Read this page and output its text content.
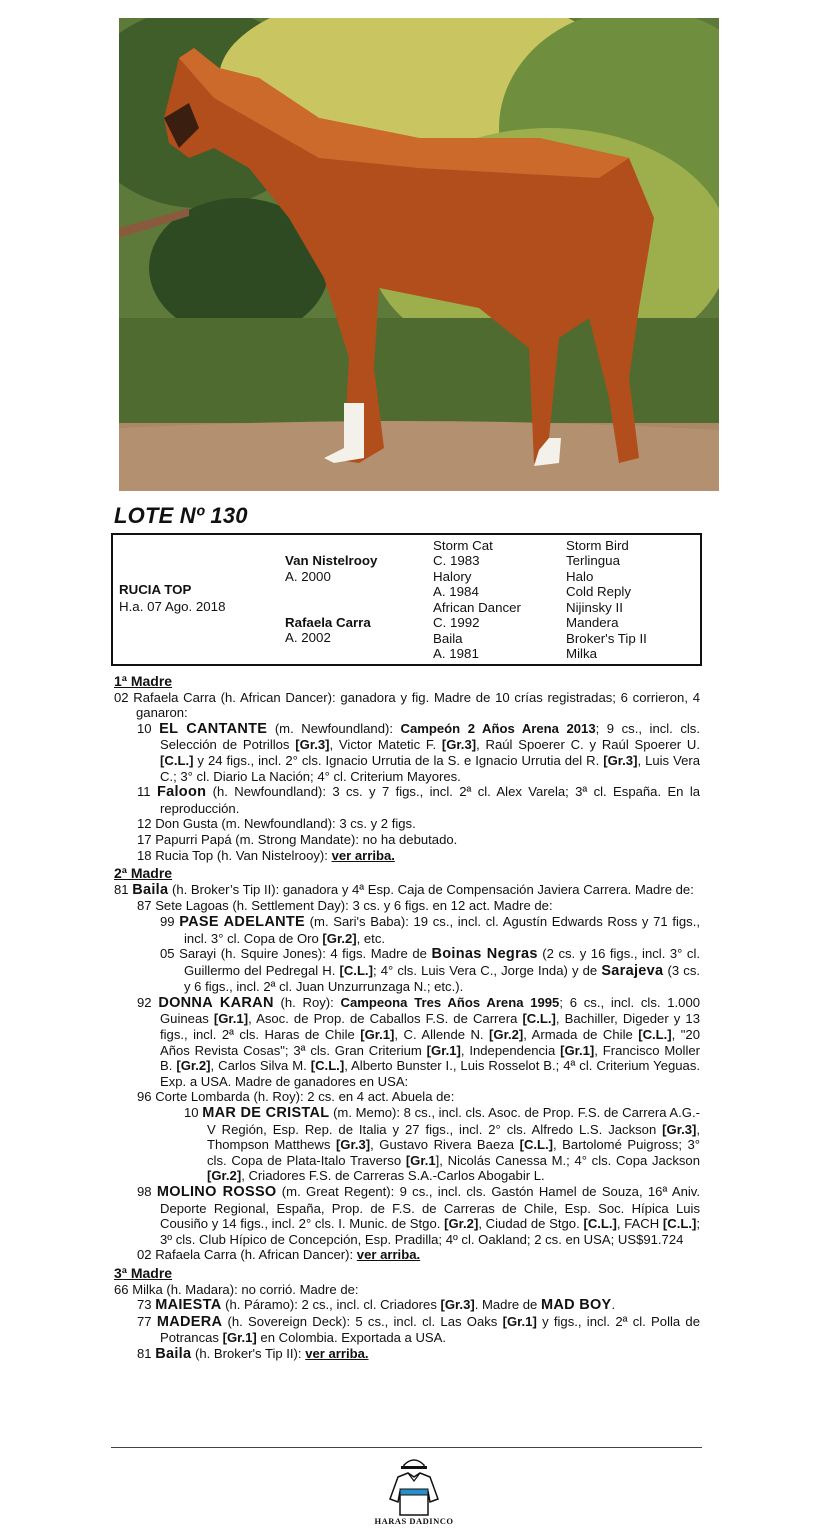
LOTE Nº 130
RUCIA TOP
H.a. 07 Ago. 2018
Van Nistelrooy
A. 2000
Rafaela Carra
A. 2002
Storm Cat
C. 1983
Halory
A. 1984
African Dancer
C. 1992
Baila
A. 1981
Storm Bird
Terlingua
Halo
Cold Reply
Nijinsky II
Mandera
Broker's Tip II
Milka
1ª Madre
02 Rafaela Carra (h. African Dancer): ganadora y fig. Madre de 10 crías registradas; 6 corrieron, 4 ganaron:
10 EL CANTANTE (m. Newfoundland): Campeón 2 Años Arena 2013; 9 cs., incl. cls. Selección de Potrillos [Gr.3], Victor Matetic F. [Gr.3], Raúl Spoerer C. y Raúl Spoerer U. [C.L.] y 24 figs., incl. 2° cls. Ignacio Urrutia de la S. e Ignacio Urrutia del R. [Gr.3], Luis Vera C.; 3° cl. Diario La Nación; 4° cl. Criterium Mayores.
11 Faloon (h. Newfoundland): 3 cs. y 7 figs., incl. 2ª cl. Alex Varela; 3ª cl. España. En la reproducción.
12 Don Gusta (m. Newfoundland): 3 cs. y 2 figs.
17 Papurri Papá (m. Strong Mandate): no ha debutado.
18 Rucia Top (h. Van Nistelrooy): ver arriba.
2ª Madre
81 Baila (h. Broker’s Tip II): ganadora y 4ª Esp. Caja de Compensación Javiera Carrera. Madre de:
87 Sete Lagoas (h. Settlement Day): 3 cs. y 6 figs. en 12 act. Madre de:
99 PASE ADELANTE (m. Sari's Baba): 19 cs., incl. cl. Agustín Edwards Ross y 71 figs., incl. 3° cl. Copa de Oro [Gr.2], etc.
05 Sarayi (h. Squire Jones): 4 figs. Madre de Boinas Negras (2 cs. y 16 figs., incl. 3° cl. Guillermo del Pedregal H. [C.L.]; 4° cls. Luis Vera C., Jorge Inda) y de Sarajeva (3 cs. y 6 figs., incl. 2ª cl. Juan Unzurrunzaga N.; etc.).
92 DONNA KARAN (h. Roy): Campeona Tres Años Arena 1995; 6 cs., incl. cls. 1.000 Guineas [Gr.1], Asoc. de Prop. de Caballos F.S. de Carrera [C.L.], Bachiller, Digeder y 13 figs., incl. 2ª cls. Haras de Chile [Gr.1], C. Allende N. [Gr.2], Armada de Chile [C.L.], "20 Años Revista Cosas"; 3ª cls. Gran Criterium [Gr.1], Independencia [Gr.1], Francisco Moller B. [Gr.2], Carlos Silva M. [C.L.], Alberto Bunster I., Luis Rosselot B.; 4ª cl. Criterium Yeguas. Exp. a USA. Madre de ganadores en USA:
96 Corte Lombarda (h. Roy): 2 cs. en 4 act. Abuela de:
10 MAR DE CRISTAL (m. Memo): 8 cs., incl. cls. Asoc. de Prop. F.S. de Carrera A.G.-V Región, Esp. Rep. de Italia y 27 figs., incl. 2° cls. Alfredo L.S. Jackson [Gr.3], Thompson Matthews [Gr.3], Gustavo Rivera Baeza [C.L.], Bartolomé Puigross; 3° cls. Copa de Plata-Italo Traverso [Gr.1], Nicolás Canessa M.; 4° cls. Copa Jackson [Gr.2], Criadores F.S. de Carreras S.A.-Carlos Abogabir L.
98 MOLINO ROSSO (m. Great Regent): 9 cs., incl. cls. Gastón Hamel de Souza, 16ª Aniv. Deporte Regional, España, Prop. de F.S. de Carreras de Chile, Esp. Soc. Hípica Luis Cousiño y 14 figs., incl. 2° cls. I. Munic. de Stgo. [Gr.2], Ciudad de Stgo. [C.L.], FACH [C.L.]; 3º cls. Club Hípico de Concepción, Esp. Pradilla; 4º cl. Oakland; 2 cs. en USA; US$91.724
02 Rafaela Carra (h. African Dancer): ver arriba.
3ª Madre
66 Milka (h. Madara): no corrió. Madre de:
73 MAIESTA (h. Páramo): 2 cs., incl. cl. Criadores [Gr.3]. Madre de MAD BOY.
77 MADERA (h. Sovereign Deck): 5 cs., incl. cl. Las Oaks [Gr.1] y figs., incl. 2ª cl. Polla de Potrancas [Gr.1] en Colombia. Exportada a USA.
81 Baila (h. Broker's Tip II): ver arriba.
HARAS DADINCO
